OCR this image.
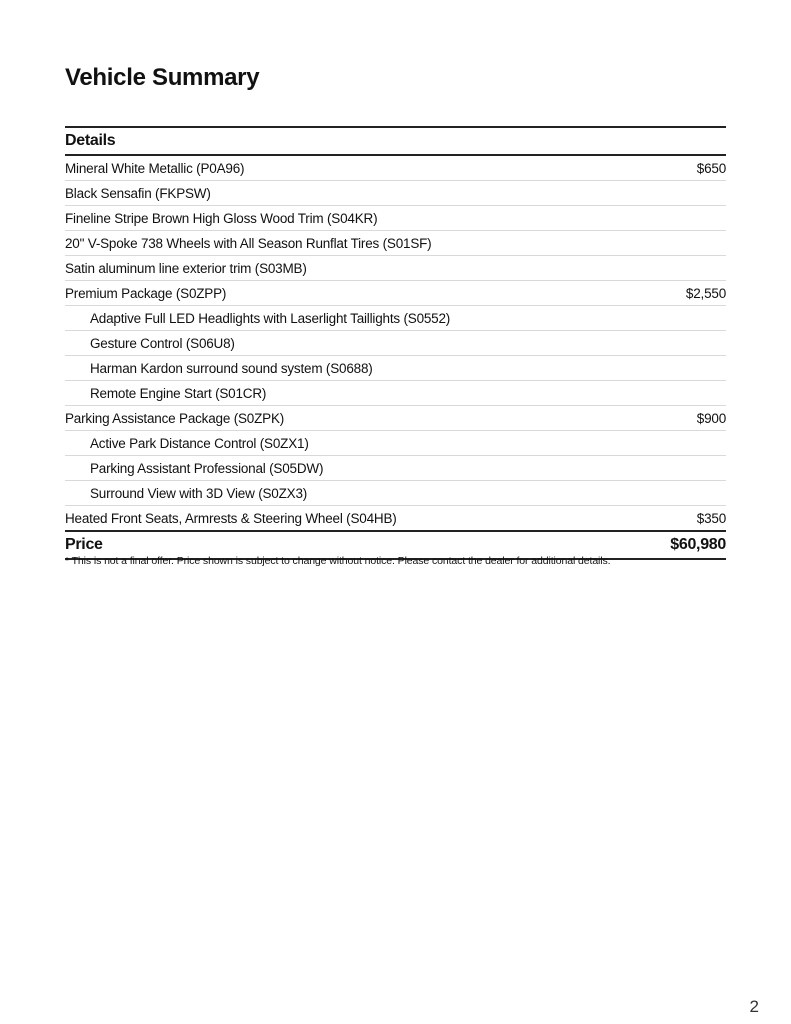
Vehicle Summary
Details
Mineral White Metallic (P0A96)	$650
Black Sensafin (FKPSW)
Fineline Stripe Brown High Gloss Wood Trim (S04KR)
20" V-Spoke 738 Wheels with All Season Runflat Tires (S01SF)
Satin aluminum line exterior trim (S03MB)
Premium Package (S0ZPP)	$2,550
Adaptive Full LED Headlights with Laserlight Taillights (S0552)
Gesture Control (S06U8)
Harman Kardon surround sound system (S0688)
Remote Engine Start (S01CR)
Parking Assistance Package (S0ZPK)	$900
Active Park Distance Control (S0ZX1)
Parking Assistant Professional (S05DW)
Surround View with 3D View (S0ZX3)
Heated Front Seats, Armrests & Steering Wheel (S04HB)	$350
Price	$60,980

* This is not a final offer. Price shown is subject to change without notice. Please contact the dealer for additional details.

2
